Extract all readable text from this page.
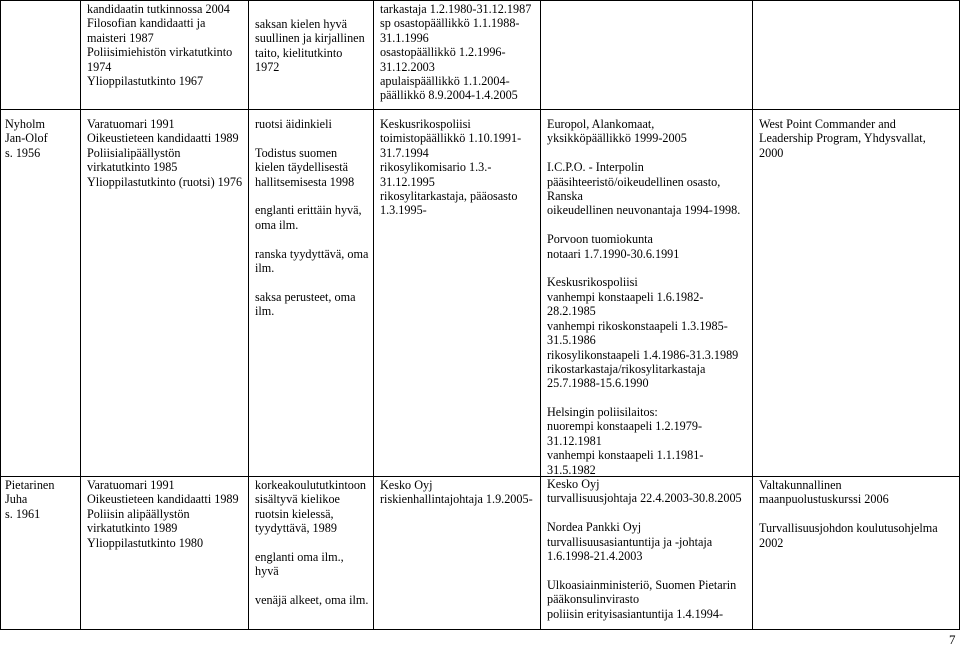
kandidaatin tutkinnossa 2004
Filosofian kandidaatti ja
maisteri 1987
Poliisimiehistön virkatutkinto
1974
Ylioppilastutkinto 1967
saksan kielen hyvä
suullinen ja kirjallinen
taito, kielitutkinto
1972
tarkastaja 1.2.1980-31.12.1987
sp osastopäällikkö 1.1.1988-
31.1.1996
osastopäällikkö 1.2.1996-
31.12.2003
apulaispäällikkö 1.1.2004-
päällikkö 8.9.2004-1.4.2005
Nyholm
Jan-Olof
s. 1956
Varatuomari 1991
Oikeustieteen kandidaatti 1989
Poliisialipäällystön
virkatutkinto 1985
Ylioppilastutkinto (ruotsi) 1976
ruotsi äidinkieli

Todistus suomen
kielen täydellisestä
hallitsemisesta 1998

englanti erittäin hyvä,
oma ilm.

ranska tyydyttävä, oma
ilm.

saksa perusteet, oma
ilm.
Keskusrikospoliisi
toimistopäällikkö 1.10.1991-
31.7.1994
rikosylikomisario 1.3.-
31.12.1995
rikosylitarkastaja, pääosasto
1.3.1995-
Europol, Alankomaat,
yksikköpäällikkö 1999-2005

I.C.P.O. - Interpolin
pääsihteeristö/oikeudellinen osasto,
Ranska
oikeudellinen neuvonantaja 1994-1998.

Porvoon tuomiokunta
notaari 1.7.1990-30.6.1991

Keskusrikospoliisi
vanhempi konstaapeli 1.6.1982-
28.2.1985
vanhempi rikoskonstaapeli 1.3.1985-
31.5.1986
rikosylikonstaapeli 1.4.1986-31.3.1989
rikostarkastaja/rikosylitarkastaja
25.7.1988-15.6.1990
West Point Commander and
Leadership Program, Yhdysvallat,
2000
Pietarinen
Juha
s. 1961
Varatuomari 1991
Oikeustieteen kandidaatti 1989
Poliisin alipäällystön
virkatutkinto 1989
Ylioppilastutkinto 1980
korkeakoulututkintoon
sisältyvä kielikoe
ruotsin kielessä,
tyydyttävä, 1989

englanti oma ilm.,
hyvä

venäjä alkeet, oma ilm.
Kesko Oyj
riskienhallintajohtaja 1.9.2005-
Helsingin poliisilaitos:
nuorempi konstaapeli 1.2.1979-
31.12.1981
vanhempi konstaapeli 1.1.1981-
31.5.1982
Kesko Oyj
turvallisuusjohtaja 22.4.2003-30.8.2005

Nordea Pankki Oyj
turvallisuusasiantuntija ja -johtaja
1.6.1998-21.4.2003

Ulkoasiainministeriö, Suomen Pietarin
pääkonsulinvirasto
poliisin erityisasiantuntija 1.4.1994-
Valtakunnallinen
maanpuolustuskurssi 2006

Turvallisuusjohdon koulutusohjelma
2002
7
